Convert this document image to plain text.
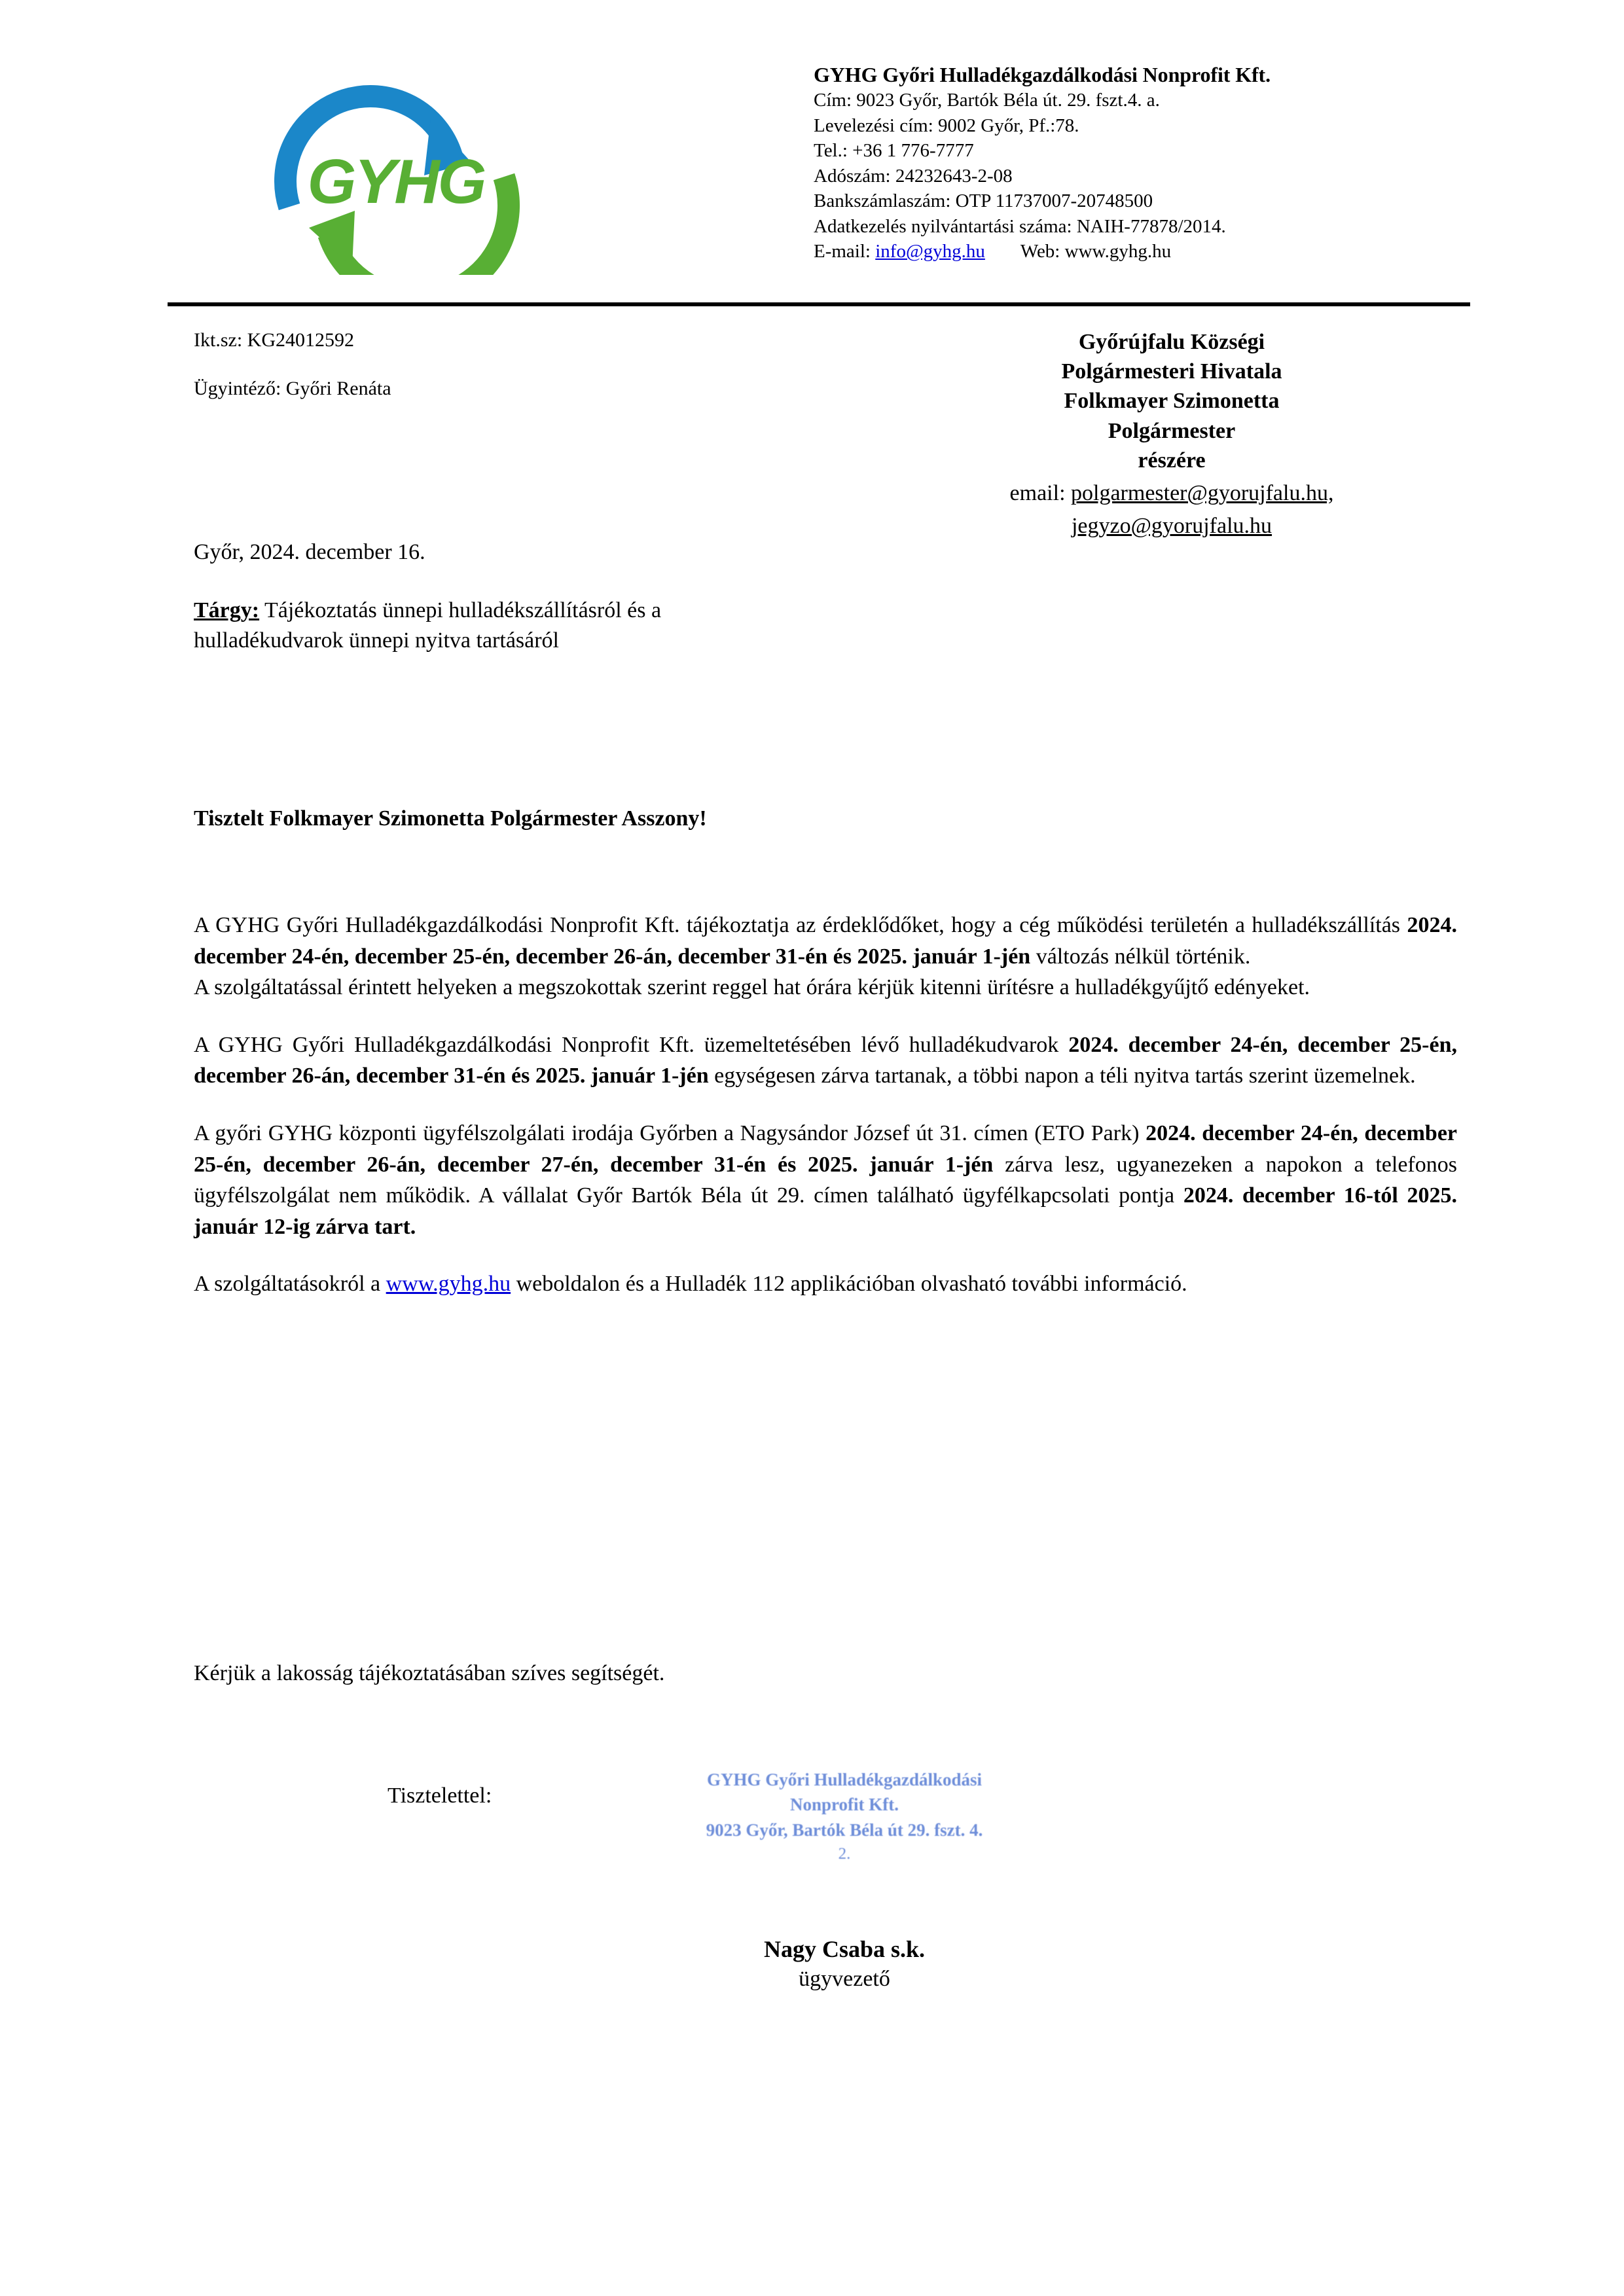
GYHG
GYHG Győri Hulladékgazdálkodási Nonprofit Kft.
Cím: 9023 Győr, Bartók Béla út. 29. fszt.4. a.
Levelezési cím: 9002 Győr, Pf.:78.
Tel.: +36 1 776-7777
Adószám: 24232643-2-08
Bankszámlaszám: OTP 11737007-20748500
Adatkezelés nyilvántartási száma: NAIH-77878/2014.
E-mail: info@gyhg.hu Web: www.gyhg.hu
Ikt.sz: KG24012592
Ügyintéző: Győri Renáta
Győrújfalu Községi
Polgármesteri Hivatala
Folkmayer Szimonetta
Polgármester
részére
email: polgarmester@gyorujfalu.hu,
jegyzo@gyorujfalu.hu
Győr, 2024. december 16.
Tárgy: Tájékoztatás ünnepi hulladékszállításról és a hulladékudvarok ünnepi nyitva tartásáról
Tisztelt Folkmayer Szimonetta Polgármester Asszony!

A GYHG Győri Hulladékgazdálkodási Nonprofit Kft. tájékoztatja az érdeklődőket, hogy a cég működési területén a hulladékszállítás 2024. december 24-én, december 25-én, december 26-án, december 31-én és 2025. január 1-jén változás nélkül történik.

A szolgáltatással érintett helyeken a megszokottak szerint reggel hat órára kérjük kitenni ürítésre a hulladékgyűjtő edényeket.

A GYHG Győri Hulladékgazdálkodási Nonprofit Kft. üzemeltetésében lévő hulladékudvarok 2024. december 24-én, december 25-én, december 26-án, december 31-én és 2025. január 1-jén egységesen zárva tartanak, a többi napon a téli nyitva tartás szerint üzemelnek.

A győri GYHG központi ügyfélszolgálati irodája Győrben a Nagysándor József út 31. címen (ETO Park) 2024. december 24-én, december 25-én, december 26-án, december 27-én, december 31-én és 2025. január 1-jén zárva lesz, ugyanezeken a napokon a telefonos ügyfélszolgálat nem működik. A vállalat Győr Bartók Béla út 29. címen található ügyfélkapcsolati pontja 2024. december 16-tól 2025. január 12-ig zárva tart.

A szolgáltatásokról a www.gyhg.hu weboldalon és a Hulladék 112 applikációban olvasható további információ.

Kérjük a lakosság tájékoztatásában szíves segítségét.
Tisztelettel:
GYHG Győri Hulladékgazdálkodási
Nonprofit Kft.
9023 Győr, Bartók Béla út 29. fszt. 4.
2.
Nagy Csaba s.k.
ügyvezető
